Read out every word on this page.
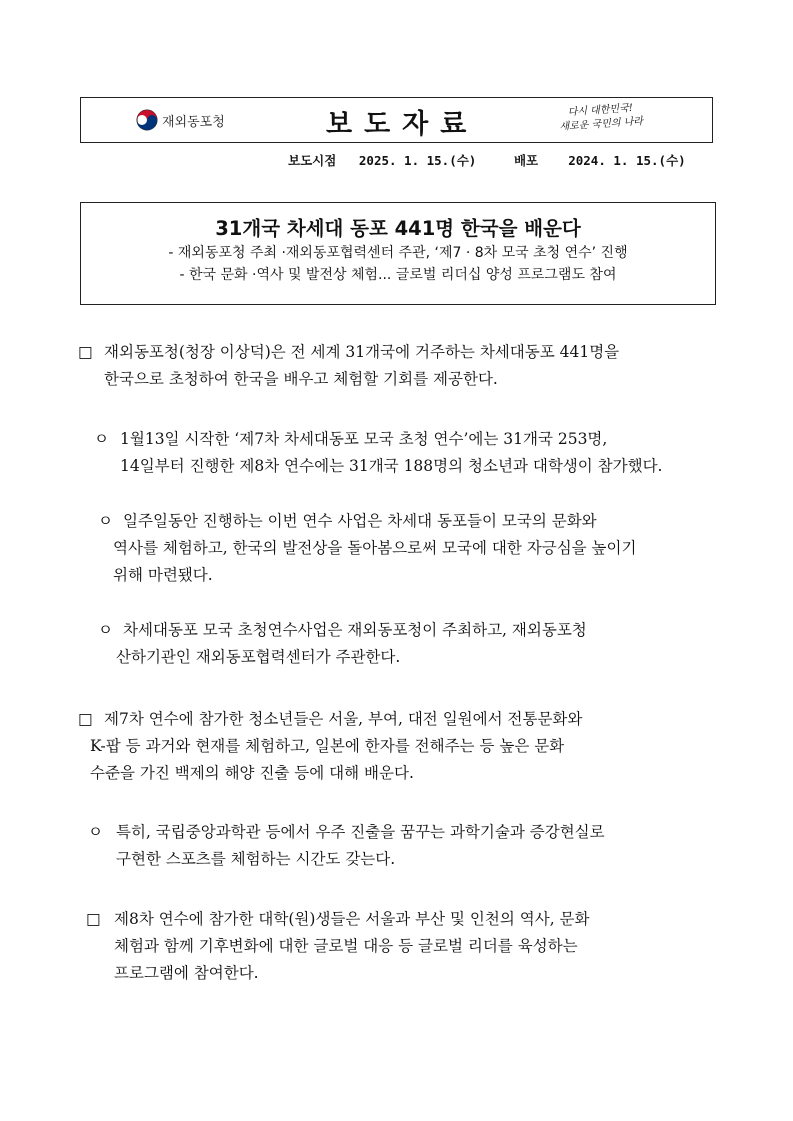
재외동포청	보도자료	다시 대한민국!
새로운 국민의 나라
보도시점 2025. 1. 15.(수)	배포 2024. 1. 15.(수)
31개국 차세대 동포 441명 한국을 배운다
- 재외동포청 주최 ·재외동포협력센터 주관, ‘제7 · 8차 모국 초청 연수’ 진행
- 한국 문화 ·역사 및 발전상 체험... 글로벌 리더십 양성 프로그램도 참여
□ 재외동포청(청장 이상덕)은 전 세계 31개국에 거주하는 차세대동포 441명을
한국으로 초청하여 한국을 배우고 체험할 기회를 제공한다.
ㅇ 1월13일 시작한 ‘제7차 차세대동포 모국 초청 연수’에는 31개국 253명,
14일부터 진행한 제8차 연수에는 31개국 188명의 청소년과 대학생이 참가했다.
ㅇ 일주일동안 진행하는 이번 연수 사업은 차세대 동포들이 모국의 문화와
역사를 체험하고, 한국의 발전상을 돌아봄으로써 모국에 대한 자긍심을 높이기
위해 마련됐다.
ㅇ 차세대동포 모국 초청연수사업은 재외동포청이 주최하고, 재외동포청
산하기관인 재외동포협력센터가 주관한다.
□ 제7차 연수에 참가한 청소년들은 서울, 부여, 대전 일원에서 전통문화와
K-팝 등 과거와 현재를 체험하고, 일본에 한자를 전해주는 등 높은 문화
수준을 가진 백제의 해양 진출 등에 대해 배운다.
ㅇ 특히, 국립중앙과학관 등에서 우주 진출을 꿈꾸는 과학기술과 증강현실로
구현한 스포츠를 체험하는 시간도 갖는다.
□ 제8차 연수에 참가한 대학(원)생들은 서울과 부산 및 인천의 역사, 문화
체험과 함께 기후변화에 대한 글로벌 대응 등 글로벌 리더를 육성하는
프로그램에 참여한다.
